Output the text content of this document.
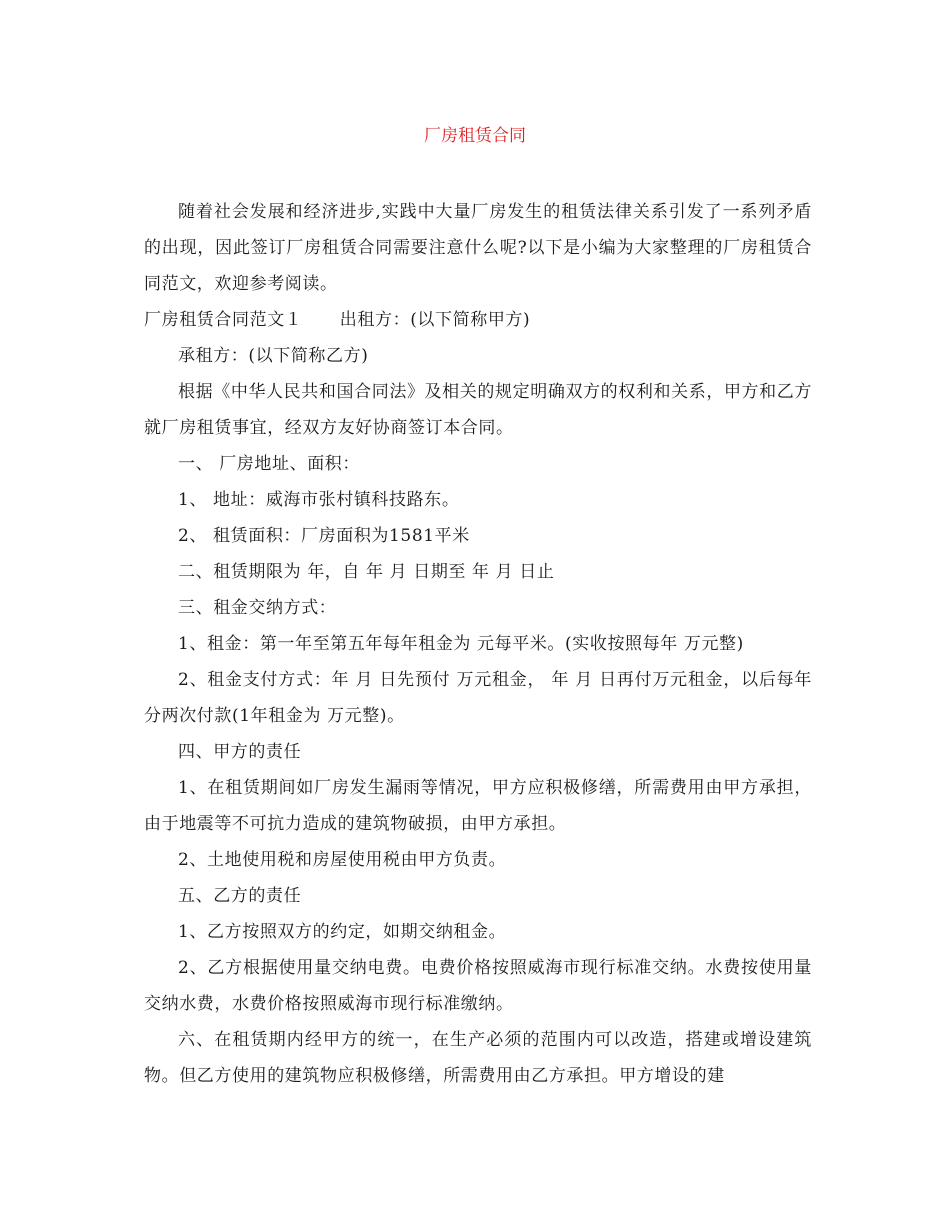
厂房租赁合同

随着社会发展和经济进步,实践中大量厂房发生的租赁法律关系引发了一系列矛盾的出现，因此签订厂房租赁合同需要注意什么呢?以下是小编为大家整理的厂房租赁合同范文，欢迎参考阅读。

厂房租赁合同范文１ 出租方：(以下简称甲方)

承租方：(以下简称乙方)

根据《中华人民共和国合同法》及相关的规定明确双方的权利和关系，甲方和乙方就厂房租赁事宜，经双方友好协商签订本合同。

一、 厂房地址、面积：

1、 地址：威海市张村镇科技路东。

2、 租赁面积：厂房面积为1581平米

二、租赁期限为 年，自 年 月 日期至 年 月 日止

三、租金交纳方式：

1、租金：第一年至第五年每年租金为 元每平米。(实收按照每年 万元整)

2、租金支付方式：年 月 日先预付 万元租金， 年 月 日再付万元租金，以后每年分两次付款(1年租金为 万元整)。

四、甲方的责任

1、在租赁期间如厂房发生漏雨等情况，甲方应积极修缮，所需费用由甲方承担，由于地震等不可抗力造成的建筑物破损，由甲方承担。

2、土地使用税和房屋使用税由甲方负责。

五、乙方的责任

1、乙方按照双方的约定，如期交纳租金。

2、乙方根据使用量交纳电费。电费价格按照威海市现行标准交纳。水费按使用量交纳水费，水费价格按照威海市现行标准缴纳。

六、在租赁期内经甲方的统一，在生产必须的范围内可以改造，搭建或增设建筑物。但乙方使用的建筑物应积极修缮，所需费用由乙方承担。甲方增设的建
